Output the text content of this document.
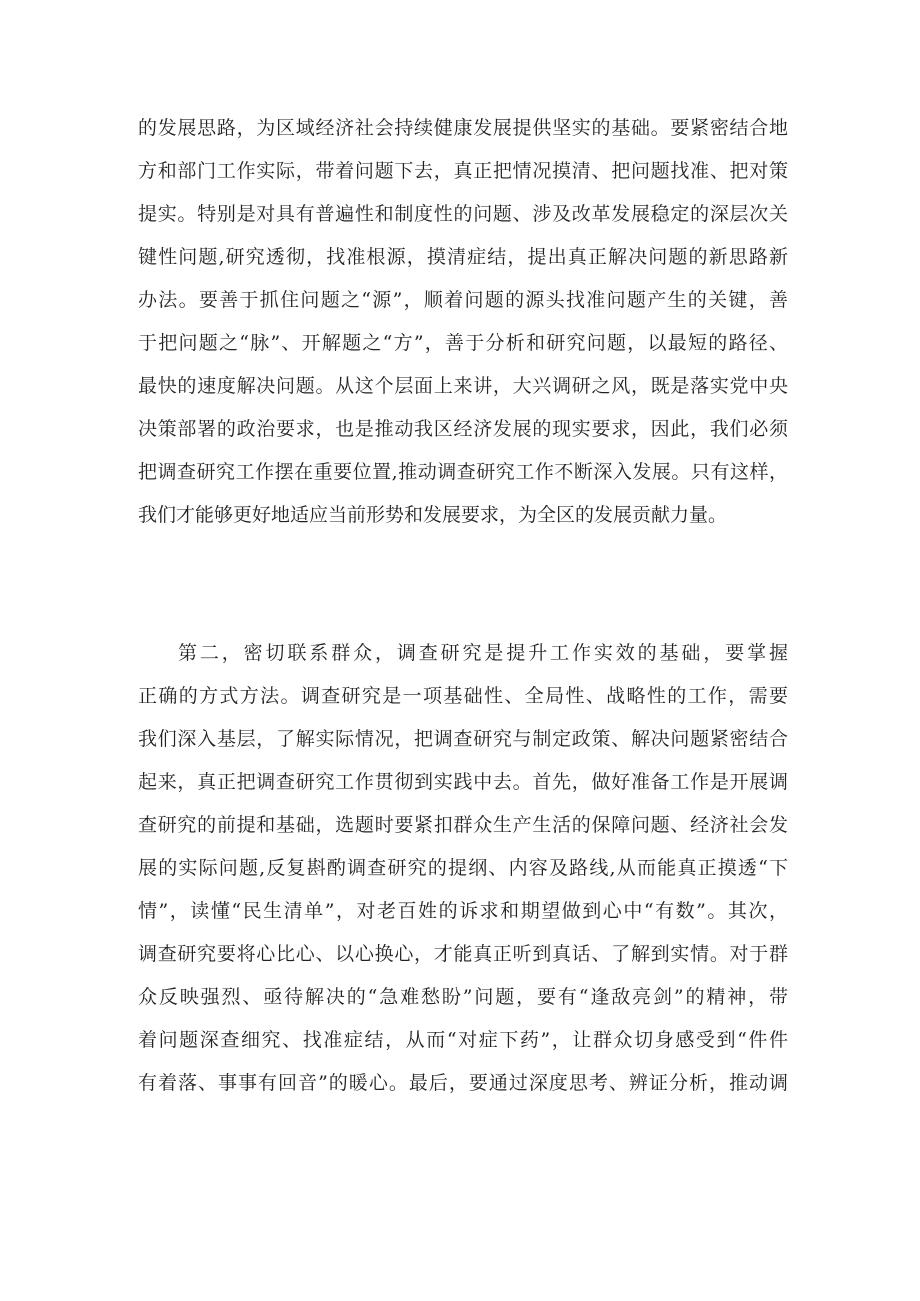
的发展思路，为区域经济社会持续健康发展提供坚实的基础。要紧密结合地
方和部门工作实际，带着问题下去，真正把情况摸清、把问题找准、把对策
提实。特别是对具有普遍性和制度性的问题、涉及改革发展稳定的深层次关
键性问题,研究透彻，找准根源，摸清症结，提出真正解决问题的新思路新
办法。要善于抓住问题之“源”，顺着问题的源头找准问题产生的关键，善
于把问题之“脉”、开解题之“方”，善于分析和研究问题，以最短的路径、
最快的速度解决问题。从这个层面上来讲，大兴调研之风，既是落实党中央
决策部署的政治要求，也是推动我区经济发展的现实要求，因此，我们必须
把调查研究工作摆在重要位置,推动调查研究工作不断深入发展。只有这样，
我们才能够更好地适应当前形势和发展要求，为全区的发展贡献力量。
第二，密切联系群众，调查研究是提升工作实效的基础，要掌握
正确的方式方法。调查研究是一项基础性、全局性、战略性的工作，需要
我们深入基层，了解实际情况，把调查研究与制定政策、解决问题紧密结合
起来，真正把调查研究工作贯彻到实践中去。首先，做好准备工作是开展调
查研究的前提和基础，选题时要紧扣群众生产生活的保障问题、经济社会发
展的实际问题,反复斟酌调查研究的提纲、内容及路线,从而能真正摸透“下
情”，读懂“民生清单”，对老百姓的诉求和期望做到心中“有数”。其次，
调查研究要将心比心、以心换心，才能真正听到真话、了解到实情。对于群
众反映强烈、亟待解决的“急难愁盼”问题，要有“逢敌亮剑”的精神，带
着问题深查细究、找准症结，从而“对症下药”，让群众切身感受到“件件
有着落、事事有回音”的暖心。最后，要通过深度思考、辨证分析，推动调
